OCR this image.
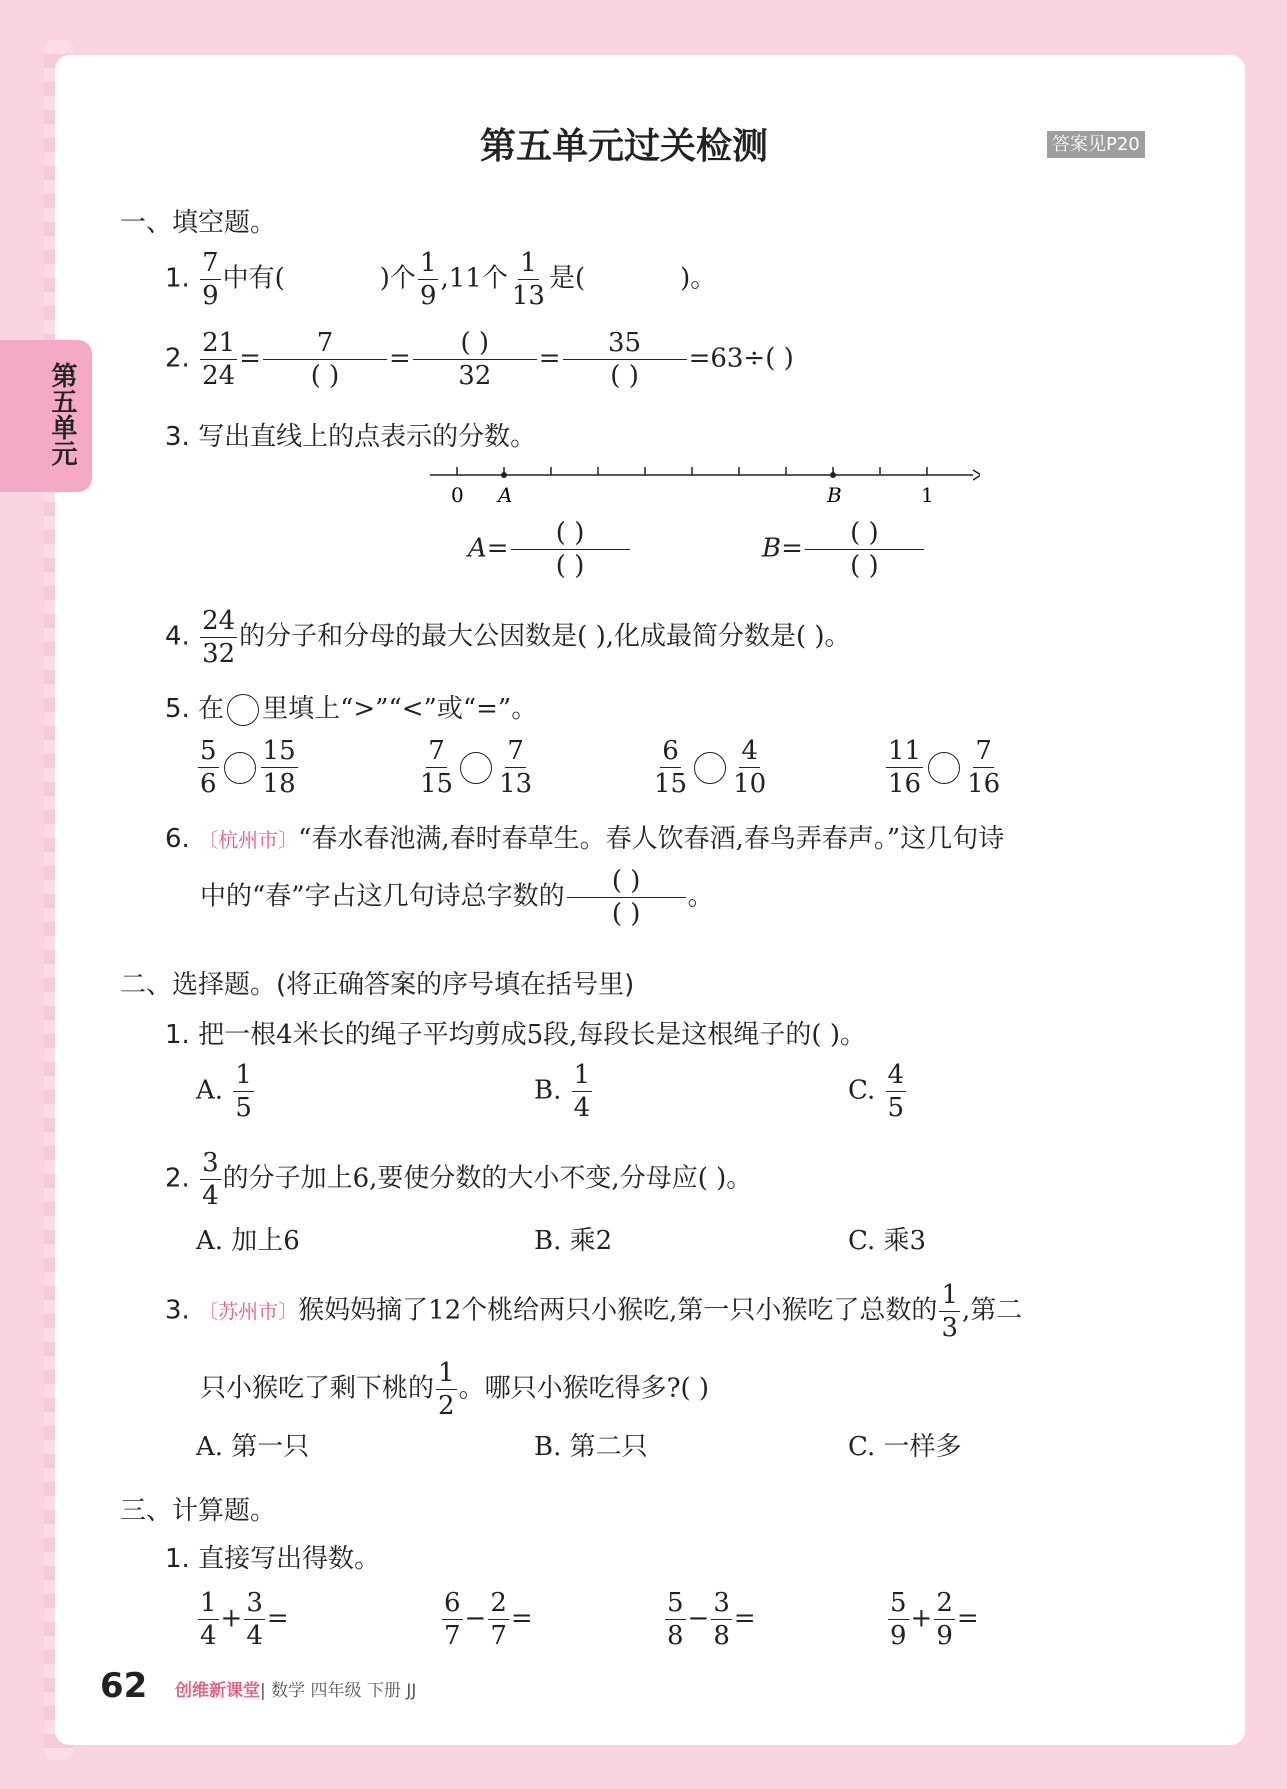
第五单元
第五单元过关检测	答案见P20
一、填空题。
1. $\frac{7}{9}$ 中有(	)个 $\frac{1}{9} ,11$个 $\frac{1}{13}$ 是(	)。
2. $\frac{21}{24} = \frac{7}{( )} = \frac{( )}{32} = \frac{35}{( )} =63\div$( )
3. 写出直线上的点表示的分数。
0 A	B	1
$A= \frac{( )}{( )}$	$B= \frac{( )}{( )}$
4. $\frac{24}{32}$ 的分子和分母的最大公因数是( ),化成最简分数是( )。
5. 在 里填上“>”“<”或“=”。
$\frac{5}{6} \frac{15}{18}$	$\frac{7}{15} \frac{7}{13}$	$\frac{6}{15} \frac{4}{10}$	$\frac{11}{16} \frac{7}{16}$
6. 〔杭州市〕“春水春池满,春时春草生。春人饮春酒,春鸟弄春声。”这几句诗
中的“春”字占这几句诗总字数的 $\frac{( )}{( )}$ 。
二、选择题。(将正确答案的序号填在括号里)
1. 把一根4米长的绳子平均剪成5段,每段长是这根绳子的( )。
A. $\frac{1}{5}$	B. $\frac{1}{4}$	C. $\frac{4}{5}$
2. $\frac{3}{4}$ 的分子加上6,要使分数的大小不变,分母应( )。
A. 加上6	B. 乘2	C. 乘3
3. 〔苏州市〕猴妈妈摘了12个桃给两只小猴吃,第一只小猴吃了总数的 $\frac{1}{3}$ ,第二
只小猴吃了剩下桃的 $\frac{1}{2}$ 。哪只小猴吃得多?( )
A. 第一只	B. 第二只	C. 一样多
三、计算题。
1. 直接写出得数。
$\frac{1}{4} + \frac{3}{4}$ =	$\frac{6}{7} - \frac{2}{7}$ =	$\frac{5}{8} - \frac{3}{8}$ =	$\frac{5}{9} + \frac{2}{9}$ =
62 创维新课堂| 数学 四年级 下册 JJ
